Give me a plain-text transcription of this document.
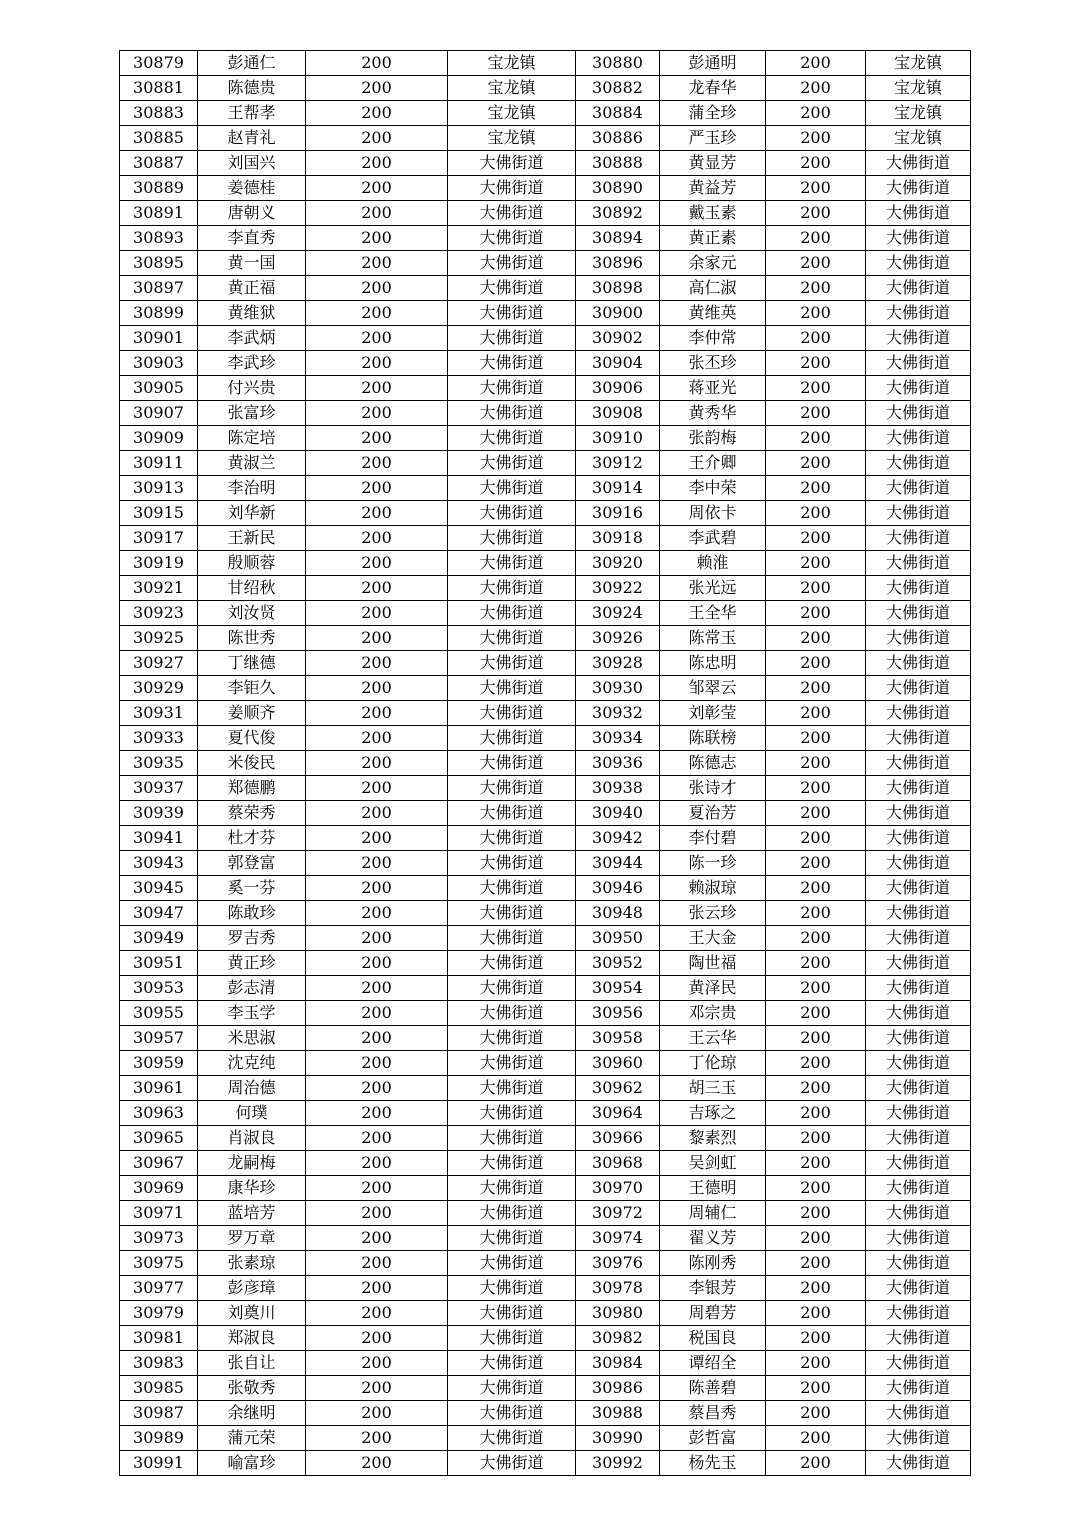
30879	彭通仁	200	宝龙镇	30880	彭通明	200	宝龙镇
30881	陈德贵	200	宝龙镇	30882	龙春华	200	宝龙镇
30883	王帮孝	200	宝龙镇	30884	蒲全珍	200	宝龙镇
30885	赵青礼	200	宝龙镇	30886	严玉珍	200	宝龙镇
30887	刘国兴	200	大佛街道	30888	黄显芳	200	大佛街道
30889	姜德桂	200	大佛街道	30890	黄益芳	200	大佛街道
30891	唐朝义	200	大佛街道	30892	戴玉素	200	大佛街道
30893	李直秀	200	大佛街道	30894	黄正素	200	大佛街道
30895	黄一国	200	大佛街道	30896	余家元	200	大佛街道
30897	黄正福	200	大佛街道	30898	高仁淑	200	大佛街道
30899	黄维狱	200	大佛街道	30900	黄维英	200	大佛街道
30901	李武炳	200	大佛街道	30902	李仲常	200	大佛街道
30903	李武珍	200	大佛街道	30904	张丕珍	200	大佛街道
30905	付兴贵	200	大佛街道	30906	蒋亚光	200	大佛街道
30907	张富珍	200	大佛街道	30908	黄秀华	200	大佛街道
30909	陈定培	200	大佛街道	30910	张韵梅	200	大佛街道
30911	黄淑兰	200	大佛街道	30912	王介卿	200	大佛街道
30913	李治明	200	大佛街道	30914	李中荣	200	大佛街道
30915	刘华新	200	大佛街道	30916	周依卡	200	大佛街道
30917	王新民	200	大佛街道	30918	李武碧	200	大佛街道
30919	殷顺蓉	200	大佛街道	30920	赖淮	200	大佛街道
30921	甘绍秋	200	大佛街道	30922	张光远	200	大佛街道
30923	刘汝贤	200	大佛街道	30924	王全华	200	大佛街道
30925	陈世秀	200	大佛街道	30926	陈常玉	200	大佛街道
30927	丁继德	200	大佛街道	30928	陈忠明	200	大佛街道
30929	李钜久	200	大佛街道	30930	邹翠云	200	大佛街道
30931	姜顺齐	200	大佛街道	30932	刘彰莹	200	大佛街道
30933	夏代俊	200	大佛街道	30934	陈联榜	200	大佛街道
30935	米俊民	200	大佛街道	30936	陈德志	200	大佛街道
30937	郑德鹏	200	大佛街道	30938	张诗才	200	大佛街道
30939	蔡荣秀	200	大佛街道	30940	夏治芳	200	大佛街道
30941	杜才芬	200	大佛街道	30942	李付碧	200	大佛街道
30943	郭登富	200	大佛街道	30944	陈一珍	200	大佛街道
30945	奚一芬	200	大佛街道	30946	赖淑琼	200	大佛街道
30947	陈敢珍	200	大佛街道	30948	张云珍	200	大佛街道
30949	罗吉秀	200	大佛街道	30950	王大金	200	大佛街道
30951	黄正珍	200	大佛街道	30952	陶世福	200	大佛街道
30953	彭志清	200	大佛街道	30954	黄泽民	200	大佛街道
30955	李玉学	200	大佛街道	30956	邓宗贵	200	大佛街道
30957	米思淑	200	大佛街道	30958	王云华	200	大佛街道
30959	沈克纯	200	大佛街道	30960	丁伦琼	200	大佛街道
30961	周治德	200	大佛街道	30962	胡三玉	200	大佛街道
30963	何璞	200	大佛街道	30964	吉琢之	200	大佛街道
30965	肖淑良	200	大佛街道	30966	黎素烈	200	大佛街道
30967	龙嗣梅	200	大佛街道	30968	吴剑虹	200	大佛街道
30969	康华珍	200	大佛街道	30970	王德明	200	大佛街道
30971	蓝培芳	200	大佛街道	30972	周辅仁	200	大佛街道
30973	罗万章	200	大佛街道	30974	翟义芳	200	大佛街道
30975	张素琼	200	大佛街道	30976	陈刚秀	200	大佛街道
30977	彭彦璋	200	大佛街道	30978	李银芳	200	大佛街道
30979	刘奠川	200	大佛街道	30980	周碧芳	200	大佛街道
30981	郑淑良	200	大佛街道	30982	税国良	200	大佛街道
30983	张自让	200	大佛街道	30984	谭绍全	200	大佛街道
30985	张敬秀	200	大佛街道	30986	陈善碧	200	大佛街道
30987	余继明	200	大佛街道	30988	蔡昌秀	200	大佛街道
30989	蒲元荣	200	大佛街道	30990	彭哲富	200	大佛街道
30991	喻富珍	200	大佛街道	30992	杨先玉	200	大佛街道
